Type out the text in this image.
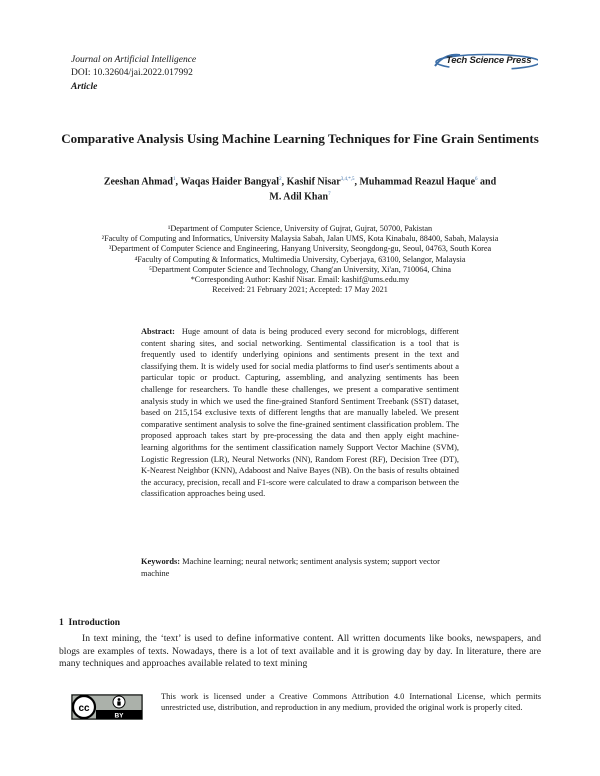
Journal on Artificial Intelligence
DOI: 10.32604/jai.2022.017992
Article
Tech Science Press
Comparative Analysis Using Machine Learning Techniques for Fine Grain Sentiments
Zeeshan Ahmad$^1$, Waqas Haider Bangyal$^2$, Kashif Nisar$^{3,4,*,5}$, Muhammad Reazul Haque$^6$ and
M. Adil Khan$^7$
¹Department of Computer Science, University of Gujrat, Gujrat, 50700, Pakistan
²Faculty of Computing and Informatics, University Malaysia Sabah, Jalan UMS, Kota Kinabalu, 88400, Sabah, Malaysia
³Department of Computer Science and Engineering, Hanyang University, Seongdong-gu, Seoul, 04763, South Korea
⁴Faculty of Computing & Informatics, Multimedia University, Cyberjaya, 63100, Selangor, Malaysia
⁵Department Computer Science and Technology, Chang'an University, Xi'an, 710064, China
*Corresponding Author: Kashif Nisar. Email: kashif@ums.edu.my
Received: 21 February 2021; Accepted: 17 May 2021
Abstract: Huge amount of data is being produced every second for microblogs, different content sharing sites, and social networking. Sentimental classification is a tool that is frequently used to identify underlying opinions and sentiments present in the text and classifying them. It is widely used for social media platforms to find user's sentiments about a particular topic or product. Capturing, assembling, and analyzing sentiments has been challenge for researchers. To handle these challenges, we present a comparative sentiment analysis study in which we used the fine-grained Stanford Sentiment Treebank (SST) dataset, based on 215,154 exclusive texts of different lengths that are manually labeled. We present comparative sentiment analysis to solve the fine-grained sentiment classification problem. The proposed approach takes start by pre-processing the data and then apply eight machine-learning algorithms for the sentiment classification namely Support Vector Machine (SVM), Logistic Regression (LR), Neural Networks (NN), Random Forest (RF), Decision Tree (DT), K-Nearest Neighbor (KNN), Adaboost and Naïve Bayes (NB). On the basis of results obtained the accuracy, precision, recall and F1-score were calculated to draw a comparison between the classification approaches being used.
Keywords: Machine learning; neural network; sentiment analysis system; support vector machine
1 Introduction

In text mining, the ‘text’ is used to define informative content. All written documents like books, newspapers, and blogs are examples of texts. Nowadays, there is a lot of text available and it is growing day by day. In literature, there are many techniques and approaches available related to text mining

cc
BY
This work is licensed under a Creative Commons Attribution 4.0 International License, which permits unrestricted use, distribution, and reproduction in any medium, provided the original work is properly cited.
